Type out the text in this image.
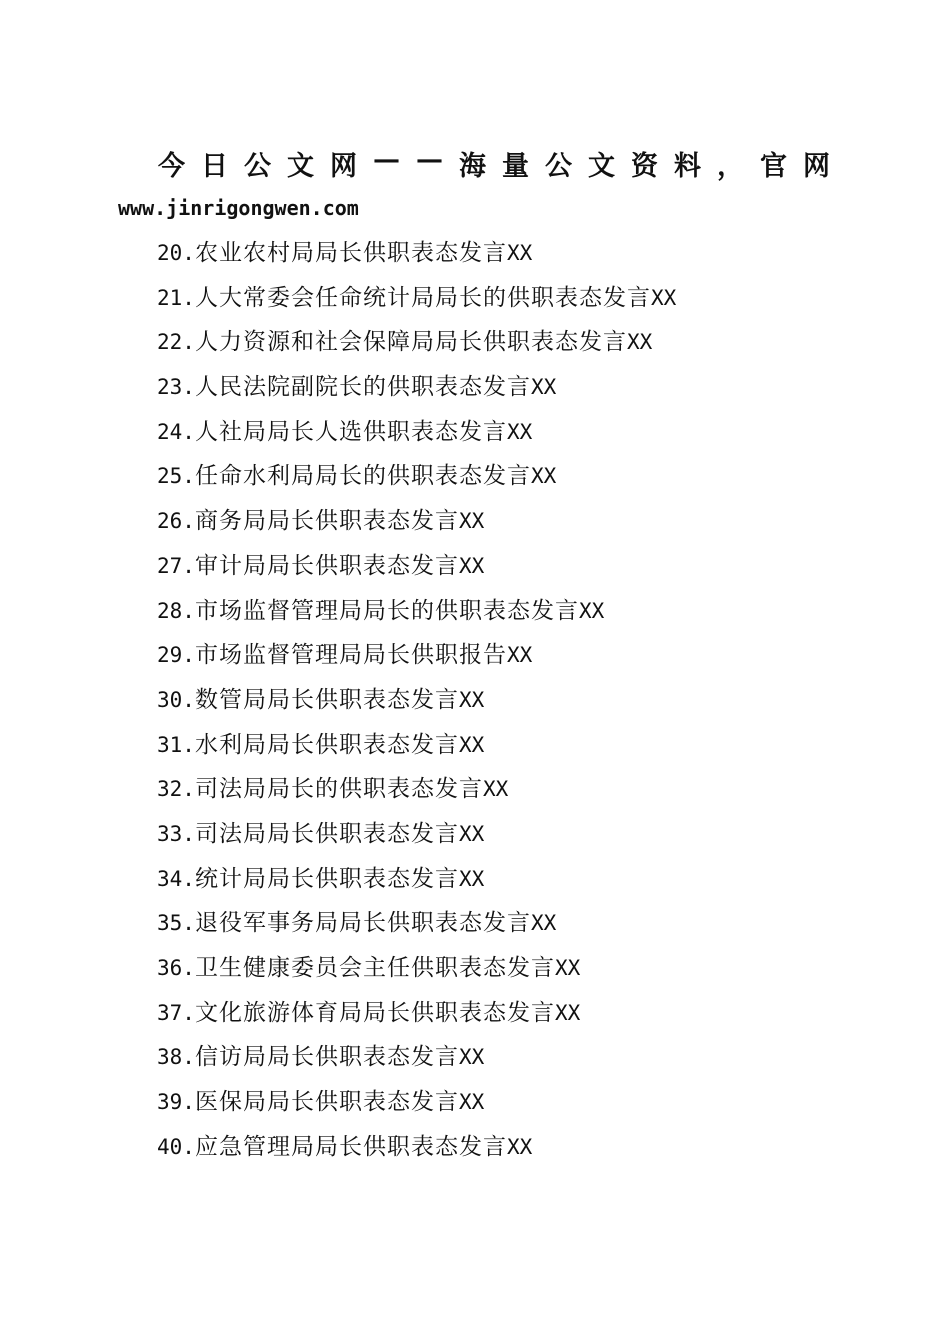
今 日 公 文 网 — — 海 量 公 文 资 料 ， 官 网
www.jinrigongwen.com
20.农业农村局局长供职表态发言XX
21.人大常委会任命统计局局长的供职表态发言XX
22.人力资源和社会保障局局长供职表态发言XX
23.人民法院副院长的供职表态发言XX
24.人社局局长人选供职表态发言XX
25.任命水利局局长的供职表态发言XX
26.商务局局长供职表态发言XX
27.审计局局长供职表态发言XX
28.市场监督管理局局长的供职表态发言XX
29.市场监督管理局局长供职报告XX
30.数管局局长供职表态发言XX
31.水利局局长供职表态发言XX
32.司法局局长的供职表态发言XX
33.司法局局长供职表态发言XX
34.统计局局长供职表态发言XX
35.退役军事务局局长供职表态发言XX
36.卫生健康委员会主任供职表态发言XX
37.文化旅游体育局局长供职表态发言XX
38.信访局局长供职表态发言XX
39.医保局局长供职表态发言XX
40.应急管理局局长供职表态发言XX
